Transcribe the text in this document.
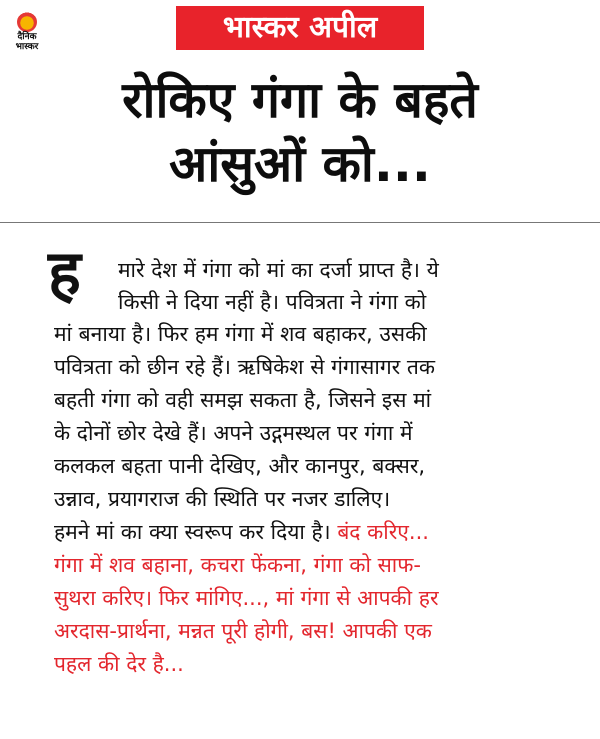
दैनिक
भास्कर
भास्कर अपील
रोकिए गंगा के बहते
आंसुओं को...
ह मारे देश में गंगा को मां का दर्जा प्राप्त है। ये
किसी ने दिया नहीं है। पवित्रता ने गंगा को
मां बनाया है। फिर हम गंगा में शव बहाकर, उसकी
पवित्रता को छीन रहे हैं। ऋषिकेश से गंगासागर तक
बहती गंगा को वही समझ सकता है, जिसने इस मां
के दोनों छोर देखे हैं। अपने उद्गमस्थल पर गंगा में
कलकल बहता पानी देखिए, और कानपुर, बक्सर,
उन्नाव, प्रयागराज की स्थिति पर नजर डालिए।
हमने मां का क्या स्वरूप कर दिया है। बंद करिए...
गंगा में शव बहाना, कचरा फेंकना, गंगा को साफ-
सुथरा करिए। फिर मांगिए..., मां गंगा से आपकी हर
अरदास-प्रार्थना, मन्नत पूरी होगी, बस! आपकी एक
पहल की देर है...
